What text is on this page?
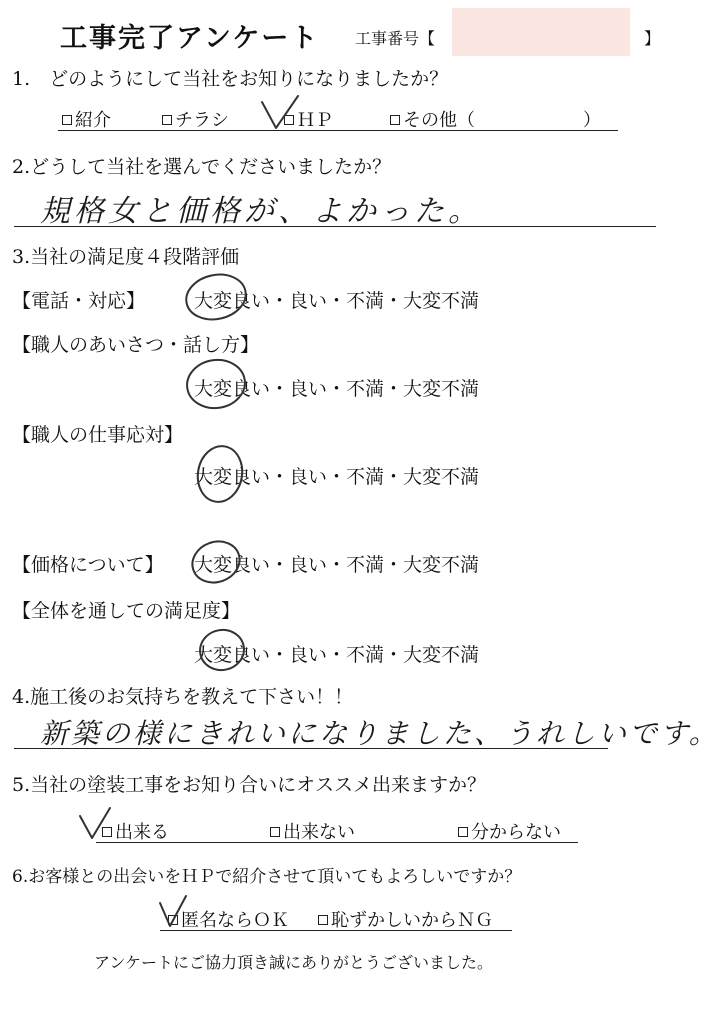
工事完了アンケート 工事番号【	】
1.　どのようにして当社をお知りになりましたか？
紹介	チラシ	ＨＰ	その他（　　　　　　）
2.どうして当社を選んでくださいましたか？
規格女と価格が、よかった。
3.当社の満足度４段階評価
【電話・対応】	大変良い・良い・不満・大変不満
【職人のあいさつ・話し方】
大変良い・良い・不満・大変不満
【職人の仕事応対】
大変良い・良い・不満・大変不満
【価格について】 大変良い・良い・不満・大変不満
【全体を通しての満足度】
大変良い・良い・不満・大変不満
4.施工後のお気持ちを教えて下さい！！
新築の様にきれいになりました、うれしいです。
5.当社の塗装工事をお知り合いにオススメ出来ますか？
出来る	出来ない	分からない
6.お客様との出会いをＨＰで紹介させて頂いてもよろしいですか？
匿名ならＯＫ	恥ずかしいからＮＧ
アンケートにご協力頂き誠にありがとうございました。
